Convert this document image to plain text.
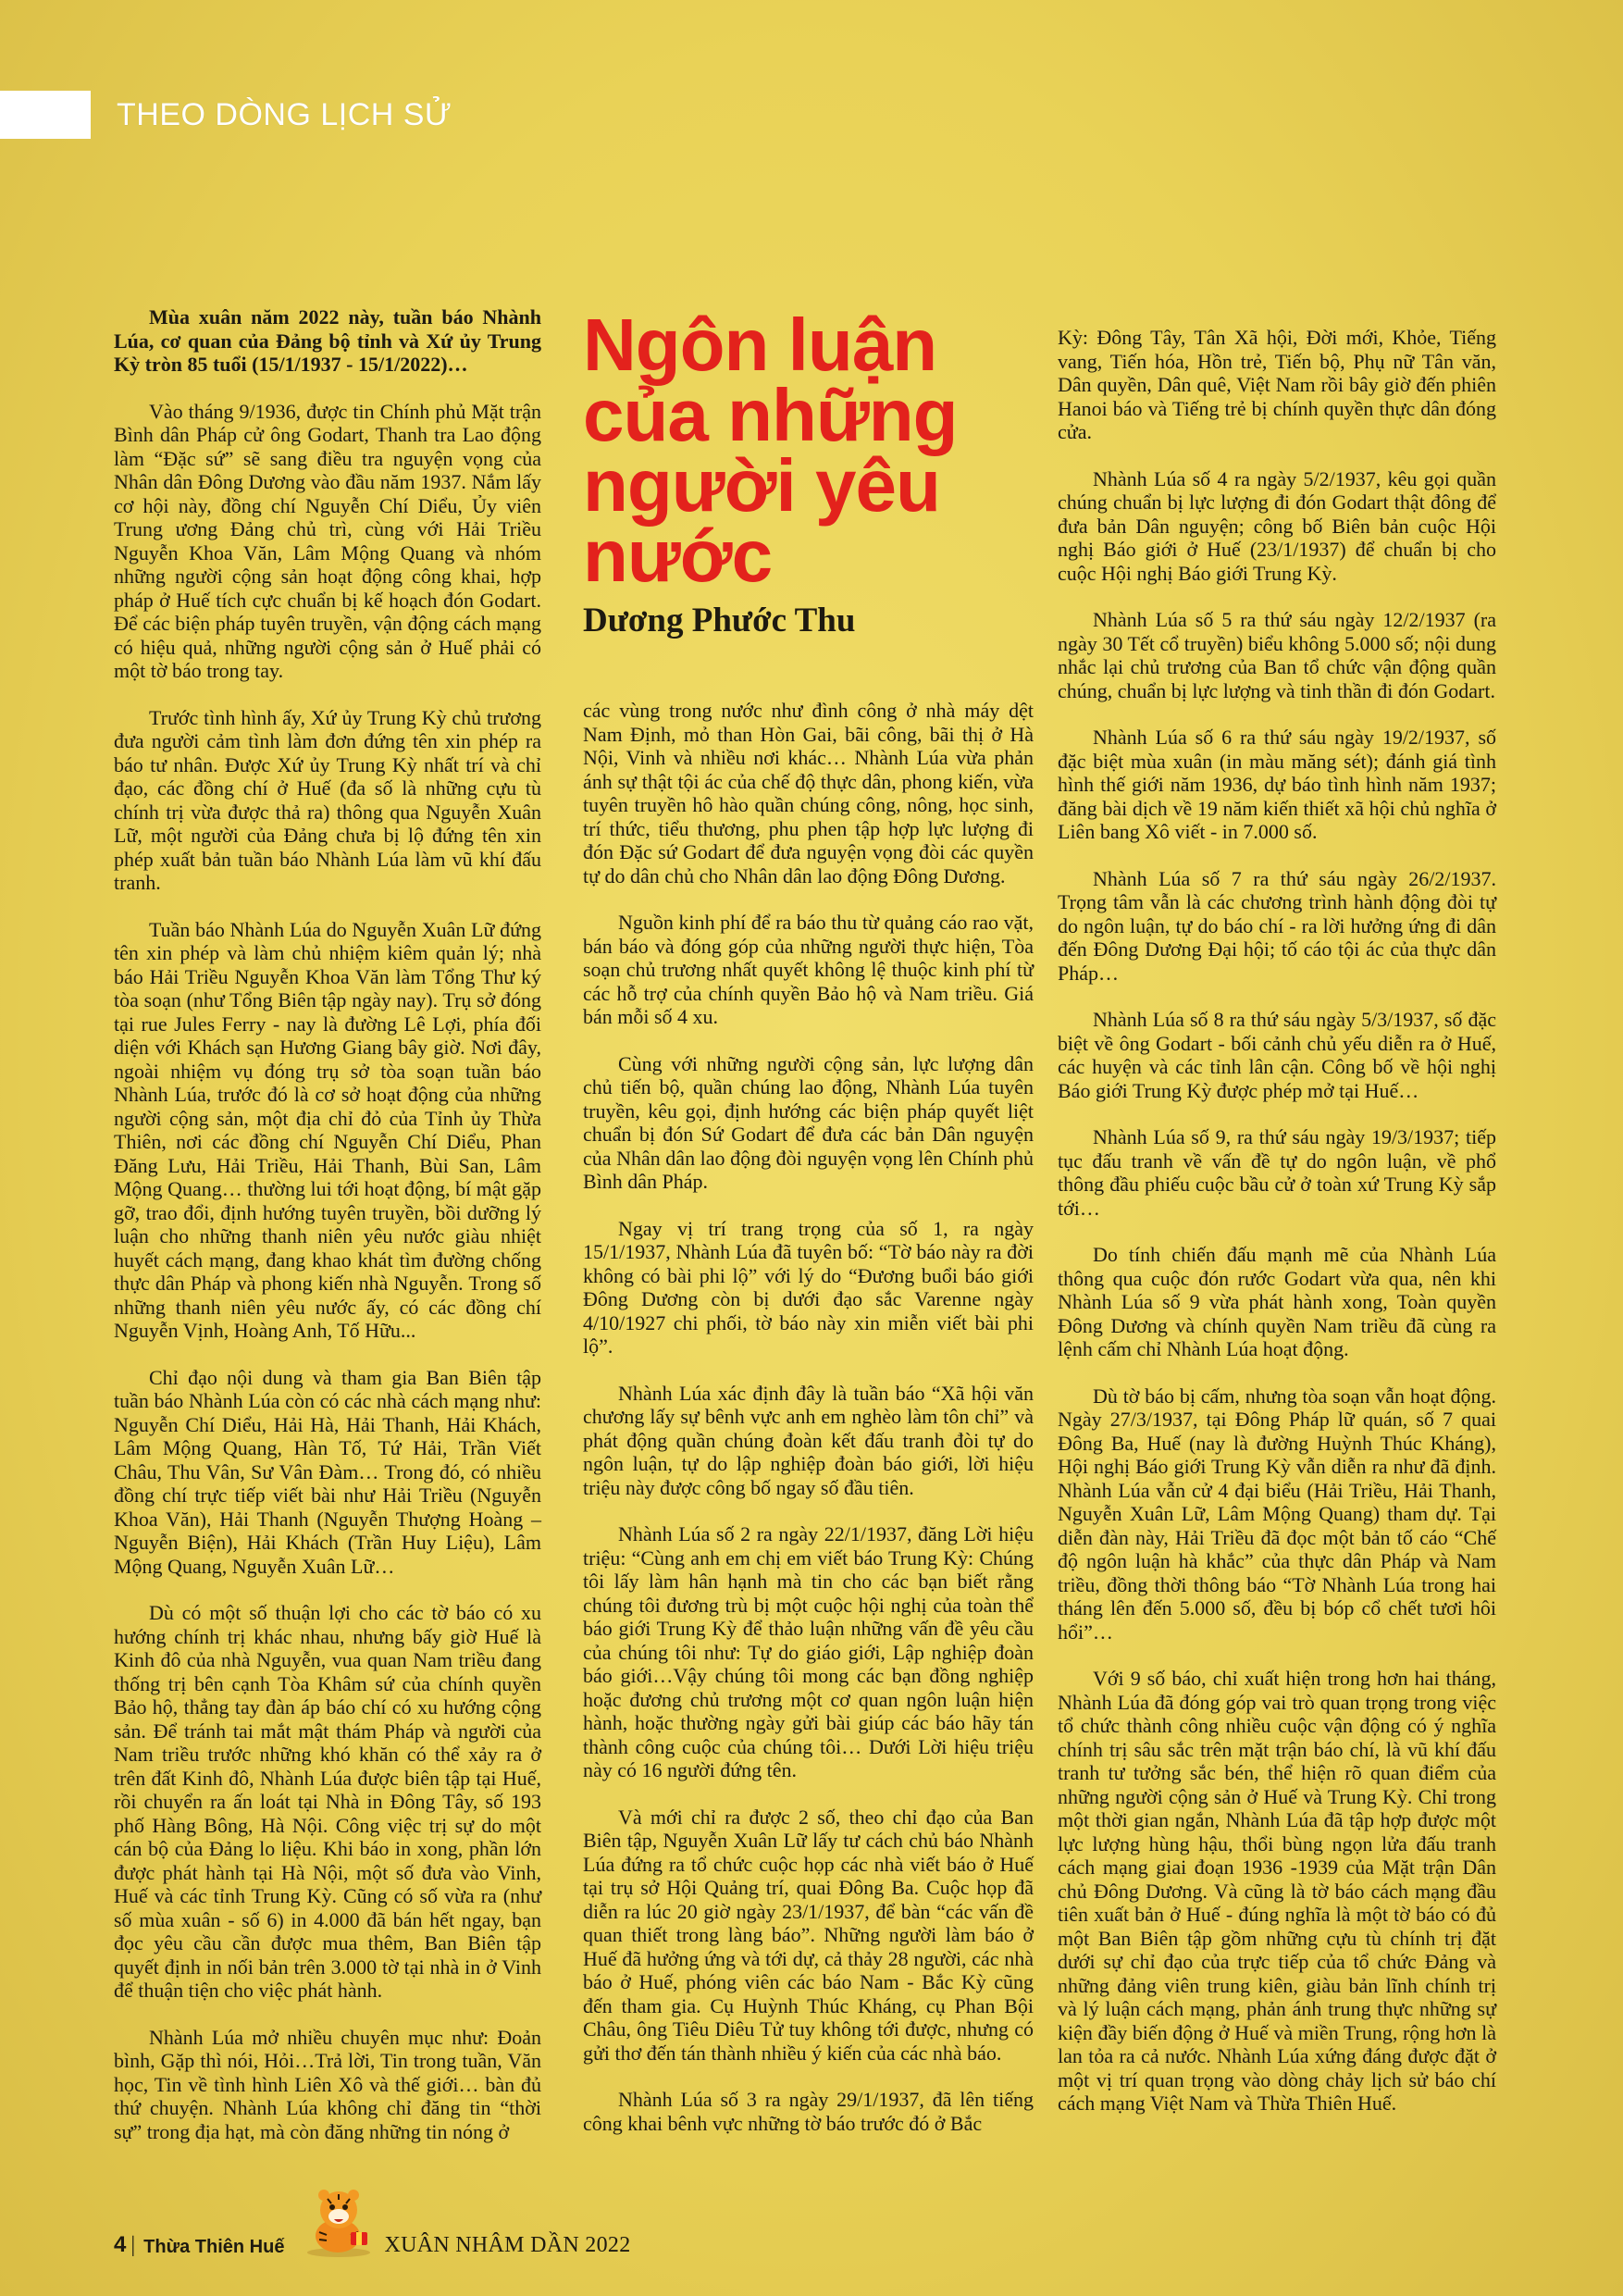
THEO DÒNG LỊCH SỬ

Mùa xuân năm 2022 này, tuần báo Nhành Lúa, cơ quan của Đảng bộ tỉnh và Xứ ủy Trung Kỳ tròn 85 tuổi (15/1/1937 - 15/1/2022)…

Vào tháng 9/1936, được tin Chính phủ Mặt trận Bình dân Pháp cử ông Godart, Thanh tra Lao động làm “Đặc sứ” sẽ sang điều tra nguyện vọng của Nhân dân Đông Dương vào đầu năm 1937. Nắm lấy cơ hội này, đồng chí Nguyễn Chí Diểu, Ủy viên Trung ương Đảng chủ trì, cùng với Hải Triều Nguyễn Khoa Văn, Lâm Mộng Quang và nhóm những người cộng sản hoạt động công khai, hợp pháp ở Huế tích cực chuẩn bị kế hoạch đón Godart. Để các biện pháp tuyên truyền, vận động cách mạng có hiệu quả, những người cộng sản ở Huế phải có một tờ báo trong tay.

Trước tình hình ấy, Xứ ủy Trung Kỳ chủ trương đưa người cảm tình làm đơn đứng tên xin phép ra báo tư nhân. Được Xứ ủy Trung Kỳ nhất trí và chỉ đạo, các đồng chí ở Huế (đa số là những cựu tù chính trị vừa được thả ra) thông qua Nguyễn Xuân Lữ, một người của Đảng chưa bị lộ đứng tên xin phép xuất bản tuần báo Nhành Lúa làm vũ khí đấu tranh.

Tuần báo Nhành Lúa do Nguyễn Xuân Lữ đứng tên xin phép và làm chủ nhiệm kiêm quản lý; nhà báo Hải Triều Nguyễn Khoa Văn làm Tổng Thư ký tòa soạn (như Tổng Biên tập ngày nay). Trụ sở đóng tại rue Jules Ferry - nay là đường Lê Lợi, phía đối diện với Khách sạn Hương Giang bây giờ. Nơi đây, ngoài nhiệm vụ đóng trụ sở tòa soạn tuần báo Nhành Lúa, trước đó là cơ sở hoạt động của những người cộng sản, một địa chỉ đỏ của Tỉnh ủy Thừa Thiên, nơi các đồng chí Nguyễn Chí Diểu, Phan Đăng Lưu, Hải Triều, Hải Thanh, Bùi San, Lâm Mộng Quang… thường lui tới hoạt động, bí mật gặp gỡ, trao đổi, định hướng tuyên truyền, bồi dưỡng lý luận cho những thanh niên yêu nước giàu nhiệt huyết cách mạng, đang khao khát tìm đường chống thực dân Pháp và phong kiến nhà Nguyễn. Trong số những thanh niên yêu nước ấy, có các đồng chí Nguyễn Vịnh, Hoàng Anh, Tố Hữu...

Chỉ đạo nội dung và tham gia Ban Biên tập tuần báo Nhành Lúa còn có các nhà cách mạng như: Nguyễn Chí Diểu, Hải Hà, Hải Thanh, Hải Khách, Lâm Mộng Quang, Hàn Tố, Tứ Hải, Trần Viết Châu, Thu Vân, Sư Vân Đàm… Trong đó, có nhiều đồng chí trực tiếp viết bài như Hải Triều (Nguyễn Khoa Văn), Hải Thanh (Nguyễn Thượng Hoàng – Nguyễn Biện), Hải Khách (Trần Huy Liệu), Lâm Mộng Quang, Nguyễn Xuân Lữ…

Dù có một số thuận lợi cho các tờ báo có xu hướng chính trị khác nhau, nhưng bấy giờ Huế là Kinh đô của nhà Nguyễn, vua quan Nam triều đang thống trị bên cạnh Tòa Khâm sứ của chính quyền Bảo hộ, thẳng tay đàn áp báo chí có xu hướng cộng sản. Để tránh tai mắt mật thám Pháp và người của Nam triều trước những khó khăn có thể xảy ra ở trên đất Kinh đô, Nhành Lúa được biên tập tại Huế, rồi chuyển ra ấn loát tại Nhà in Đông Tây, số 193 phố Hàng Bông, Hà Nội. Công việc trị sự do một cán bộ của Đảng lo liệu. Khi báo in xong, phần lớn được phát hành tại Hà Nội, một số đưa vào Vinh, Huế và các tỉnh Trung Kỳ. Cũng có số vừa ra (như số mùa xuân - số 6) in 4.000 đã bán hết ngay, bạn đọc yêu cầu cần được mua thêm, Ban Biên tập quyết định in nối bản trên 3.000 tờ tại nhà in ở Vinh để thuận tiện cho việc phát hành.

Nhành Lúa mở nhiều chuyên mục như: Đoản bình, Gặp thì nói, Hỏi…Trả lời, Tin trong tuần, Văn học, Tin về tình hình Liên Xô và thế giới… bàn đủ thứ chuyện. Nhành Lúa không chỉ đăng tin “thời sự” trong địa hạt, mà còn đăng những tin nóng ở

Ngôn luận của những người yêu nước
Dương Phước Thu

các vùng trong nước như đình công ở nhà máy dệt Nam Định, mỏ than Hòn Gai, bãi công, bãi thị ở Hà Nội, Vinh và nhiều nơi khác… Nhành Lúa vừa phản ánh sự thật tội ác của chế độ thực dân, phong kiến, vừa tuyên truyền hô hào quần chúng công, nông, học sinh, trí thức, tiểu thương, phu phen tập hợp lực lượng đi đón Đặc sứ Godart để đưa nguyện vọng đòi các quyền tự do dân chủ cho Nhân dân lao động Đông Dương.

Nguồn kinh phí để ra báo thu từ quảng cáo rao vặt, bán báo và đóng góp của những người thực hiện, Tòa soạn chủ trương nhất quyết không lệ thuộc kinh phí từ các hỗ trợ của chính quyền Bảo hộ và Nam triều. Giá bán mỗi số 4 xu.

Cùng với những người cộng sản, lực lượng dân chủ tiến bộ, quần chúng lao động, Nhành Lúa tuyên truyền, kêu gọi, định hướng các biện pháp quyết liệt chuẩn bị đón Sứ Godart để đưa các bản Dân nguyện của Nhân dân lao động đòi nguyện vọng lên Chính phủ Bình dân Pháp.

Ngay vị trí trang trọng của số 1, ra ngày 15/1/1937, Nhành Lúa đã tuyên bố: “Tờ báo này ra đời không có bài phi lộ” với lý do “Đương buổi báo giới Đông Dương còn bị dưới đạo sắc Varenne ngày 4/10/1927 chi phối, tờ báo này xin miễn viết bài phi lộ”.

Nhành Lúa xác định đây là tuần báo “Xã hội văn chương lấy sự bênh vực anh em nghèo làm tôn chỉ” và phát động quần chúng đoàn kết đấu tranh đòi tự do ngôn luận, tự do lập nghiệp đoàn báo giới, lời hiệu triệu này được công bố ngay số đầu tiên.

Nhành Lúa số 2 ra ngày 22/1/1937, đăng Lời hiệu triệu: “Cùng anh em chị em viết báo Trung Kỳ: Chúng tôi lấy làm hân hạnh mà tin cho các bạn biết rằng chúng tôi đương trù bị một cuộc hội nghị của toàn thể báo giới Trung Kỳ để thảo luận những vấn đề yêu cầu của chúng tôi như: Tự do giáo giới, Lập nghiệp đoàn báo giới…Vậy chúng tôi mong các bạn đồng nghiệp hoặc đương chủ trương một cơ quan ngôn luận hiện hành, hoặc thường ngày gửi bài giúp các báo hãy tán thành công cuộc của chúng tôi… Dưới Lời hiệu triệu này có 16 người đứng tên.

Và mới chỉ ra được 2 số, theo chỉ đạo của Ban Biên tập, Nguyễn Xuân Lữ lấy tư cách chủ báo Nhành Lúa đứng ra tổ chức cuộc họp các nhà viết báo ở Huế tại trụ sở Hội Quảng trí, quai Đông Ba. Cuộc họp đã diễn ra lúc 20 giờ ngày 23/1/1937, để bàn “các vấn đề quan thiết trong làng báo”. Những người làm báo ở Huế đã hưởng ứng và tới dự, cả thảy 28 người, các nhà báo ở Huế, phóng viên các báo Nam - Bắc Kỳ cũng đến tham gia. Cụ Huỳnh Thúc Kháng, cụ Phan Bội Châu, ông Tiêu Diêu Tử tuy không tới được, nhưng có gửi thơ đến tán thành nhiều ý kiến của các nhà báo.

Nhành Lúa số 3 ra ngày 29/1/1937, đã lên tiếng công khai bênh vực những tờ báo trước đó ở Bắc

Kỳ: Đông Tây, Tân Xã hội, Đời mới, Khỏe, Tiếng vang, Tiến hóa, Hồn trẻ, Tiến bộ, Phụ nữ Tân văn, Dân quyền, Dân quê, Việt Nam rồi bây giờ đến phiên Hanoi báo và Tiếng trẻ bị chính quyền thực dân đóng cửa.

Nhành Lúa số 4 ra ngày 5/2/1937, kêu gọi quần chúng chuẩn bị lực lượng đi đón Godart thật đông để đưa bản Dân nguyện; công bố Biên bản cuộc Hội nghị Báo giới ở Huế (23/1/1937) để chuẩn bị cho cuộc Hội nghị Báo giới Trung Kỳ.

Nhành Lúa số 5 ra thứ sáu ngày 12/2/1937 (ra ngày 30 Tết cổ truyền) biểu không 5.000 số; nội dung nhắc lại chủ trương của Ban tổ chức vận động quần chúng, chuẩn bị lực lượng và tinh thần đi đón Godart.

Nhành Lúa số 6 ra thứ sáu ngày 19/2/1937, số đặc biệt mùa xuân (in màu măng sét); đánh giá tình hình thế giới năm 1936, dự báo tình hình năm 1937; đăng bài dịch về 19 năm kiến thiết xã hội chủ nghĩa ở Liên bang Xô viết - in 7.000 số.

Nhành Lúa số 7 ra thứ sáu ngày 26/2/1937. Trọng tâm vẫn là các chương trình hành động đòi tự do ngôn luận, tự do báo chí - ra lời hưởng ứng đi dân đến Đông Dương Đại hội; tố cáo tội ác của thực dân Pháp…

Nhành Lúa số 8 ra thứ sáu ngày 5/3/1937, số đặc biệt về ông Godart - bối cảnh chủ yếu diễn ra ở Huế, các huyện và các tỉnh lân cận. Công bố về hội nghị Báo giới Trung Kỳ được phép mở tại Huế…

Nhành Lúa số 9, ra thứ sáu ngày 19/3/1937; tiếp tục đấu tranh về vấn đề tự do ngôn luận, về phổ thông đầu phiếu cuộc bầu cử ở toàn xứ Trung Kỳ sắp tới…

Do tính chiến đấu mạnh mẽ của Nhành Lúa thông qua cuộc đón rước Godart vừa qua, nên khi Nhành Lúa số 9 vừa phát hành xong, Toàn quyền Đông Dương và chính quyền Nam triều đã cùng ra lệnh cấm chỉ Nhành Lúa hoạt động.

Dù tờ báo bị cấm, nhưng tòa soạn vẫn hoạt động. Ngày 27/3/1937, tại Đông Pháp lữ quán, số 7 quai Đông Ba, Huế (nay là đường Huỳnh Thúc Kháng), Hội nghị Báo giới Trung Kỳ vẫn diễn ra như đã định. Nhành Lúa vẫn cử 4 đại biểu (Hải Triều, Hải Thanh, Nguyễn Xuân Lữ, Lâm Mộng Quang) tham dự. Tại diễn đàn này, Hải Triều đã đọc một bản tố cáo “Chế độ ngôn luận hà khắc” của thực dân Pháp và Nam triều, đồng thời thông báo “Tờ Nhành Lúa trong hai tháng lên đến 5.000 số, đều bị bóp cổ chết tươi hôi hổi”…

Với 9 số báo, chỉ xuất hiện trong hơn hai tháng, Nhành Lúa đã đóng góp vai trò quan trọng trong việc tổ chức thành công nhiều cuộc vận động có ý nghĩa chính trị sâu sắc trên mặt trận báo chí, là vũ khí đấu tranh tư tưởng sắc bén, thể hiện rõ quan điểm của những người cộng sản ở Huế và Trung Kỳ. Chỉ trong một thời gian ngắn, Nhành Lúa đã tập hợp được một lực lượng hùng hậu, thổi bùng ngọn lửa đấu tranh cách mạng giai đoạn 1936 -1939 của Mặt trận Dân chủ Đông Dương. Và cũng là tờ báo cách mạng đầu tiên xuất bản ở Huế - đúng nghĩa là một tờ báo có đủ một Ban Biên tập gồm những cựu tù chính trị đặt dưới sự chỉ đạo của trực tiếp của tổ chức Đảng và những đảng viên trung kiên, giàu bản lĩnh chính trị và lý luận cách mạng, phản ánh trung thực những sự kiện đầy biến động ở Huế và miền Trung, rộng hơn là lan tỏa ra cả nước. Nhành Lúa xứng đáng được đặt ở một vị trí quan trọng vào dòng chảy lịch sử báo chí cách mạng Việt Nam và Thừa Thiên Huế.

4 | Thừa Thiên Huế	XUÂN NHÂM DẦN 2022
